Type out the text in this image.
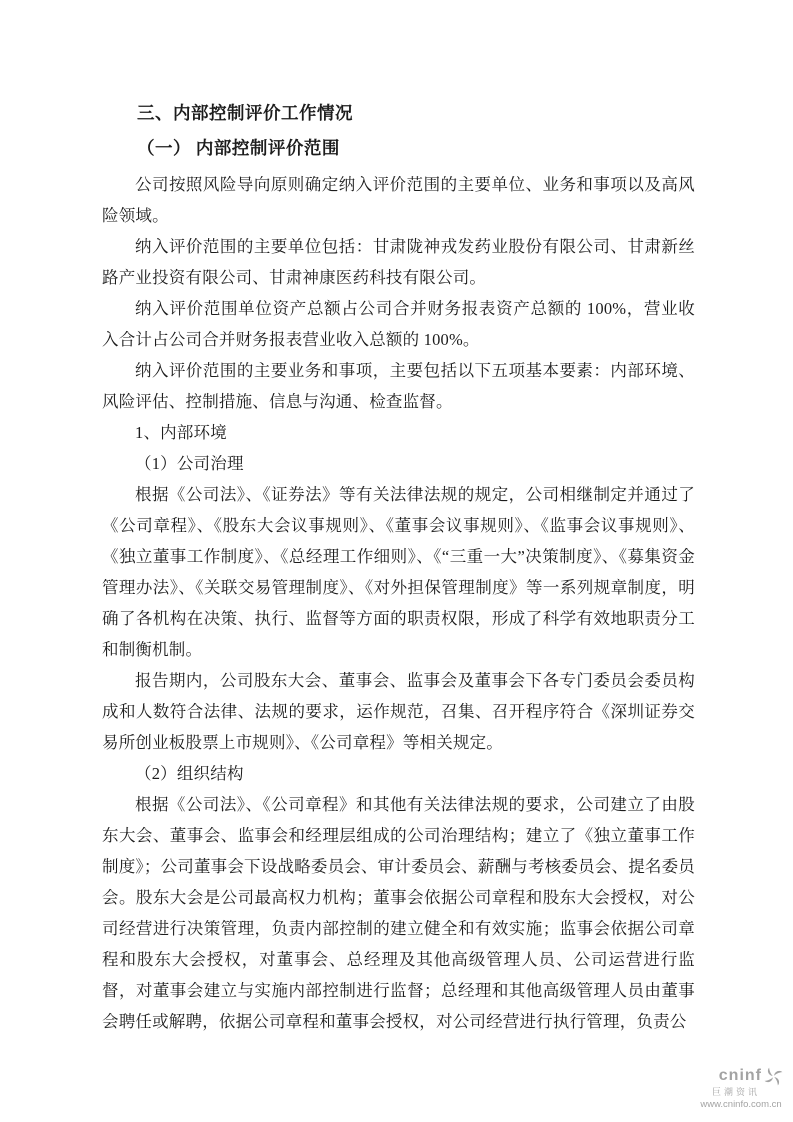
三、内部控制评价工作情况
（一） 内部控制评价范围

公司按照风险导向原则确定纳入评价范围的主要单位、业务和事项以及高风险领域。

纳入评价范围的主要单位包括：甘肃陇神戎发药业股份有限公司、甘肃新丝路产业投资有限公司、甘肃神康医药科技有限公司。

纳入评价范围单位资产总额占公司合并财务报表资产总额的 100%，营业收入合计占公司合并财务报表营业收入总额的 100%。

纳入评价范围的主要业务和事项，主要包括以下五项基本要素：内部环境、风险评估、控制措施、信息与沟通、检查监督。

1、内部环境

（1）公司治理

根据《公司法》、《证券法》等有关法律法规的规定，公司相继制定并通过了《公司章程》、《股东大会议事规则》、《董事会议事规则》、《监事会议事规则》、《独立董事工作制度》、《总经理工作细则》、《“三重一大”决策制度》、《募集资金管理办法》、《关联交易管理制度》、《对外担保管理制度》等一系列规章制度，明确了各机构在决策、执行、监督等方面的职责权限，形成了科学有效地职责分工和制衡机制。

报告期内，公司股东大会、董事会、监事会及董事会下各专门委员会委员构成和人数符合法律、法规的要求，运作规范，召集、召开程序符合《深圳证券交易所创业板股票上市规则》、《公司章程》等相关规定。

（2）组织结构

根据《公司法》、《公司章程》和其他有关法律法规的要求，公司建立了由股东大会、董事会、监事会和经理层组成的公司治理结构；建立了《独立董事工作制度》；公司董事会下设战略委员会、审计委员会、薪酬与考核委员会、提名委员会。股东大会是公司最高权力机构；董事会依据公司章程和股东大会授权，对公司经营进行决策管理，负责内部控制的建立健全和有效实施；监事会依据公司章程和股东大会授权，对董事会、总经理及其他高级管理人员、公司运营进行监督，对董事会建立与实施内部控制进行监督；总经理和其他高级管理人员由董事会聘任或解聘，依据公司章程和董事会授权，对公司经营进行执行管理，负责公

cninf
巨潮资讯
www.cninfo.com.cn
